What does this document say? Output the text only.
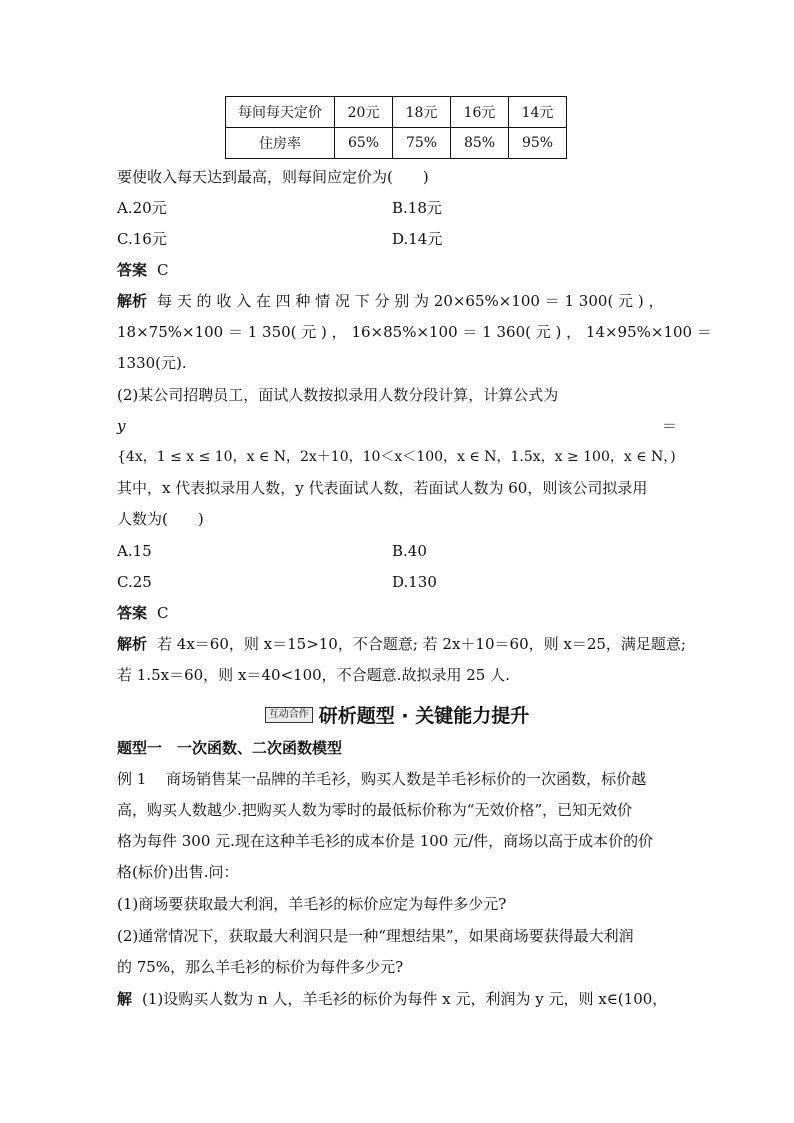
每间每天定价	20元	18元	16元	14元
住房率	65%	75%	85%	95%
要使收入每天达到最高，则每间应定价为(　　)
A.20元	B.18元
C.16元	D.14元
答案 C
解析 每 天 的 收 入 在 四 种 情 况 下 分 别 为 20×65%×100 ＝ 1 300( 元 ) ，
18×75%×100 ＝ 1 350( 元 ) ， 16×85%×100 ＝ 1 360( 元 ) ， 14×95%×100 ＝
1330(元).
(2)某公司招聘员工，面试人数按拟录用人数分段计算，计算公式为
y	＝
{4x，1 ≤ x ≤ 10，x ∈ N，2x＋10，10＜x＜100，x ∈ N，1.5x，x ≥ 100，x ∈ N，)
其中，x 代表拟录用人数，y 代表面试人数，若面试人数为 60，则该公司拟录用
人数为(　　)
A.15	B.40
C.25	D.130
答案 C
解析 若 4x＝60，则 x＝15>10，不合题意; 若 2x＋10＝60，则 x＝25，满足题意;
若 1.5x＝60，则 x＝40<100，不合题意.故拟录用 25 人.
互动合作 研析题型 · 关键能力提升
题型一　一次函数、二次函数模型
例 1　 商场销售某一品牌的羊毛衫，购买人数是羊毛衫标价的一次函数，标价越
高，购买人数越少.把购买人数为零时的最低标价称为“无效价格”，已知无效价
格为每件 300 元.现在这种羊毛衫的成本价是 100 元/件，商场以高于成本价的价
格(标价)出售.问：
(1)商场要获取最大利润，羊毛衫的标价应定为每件多少元?
(2)通常情况下，获取最大利润只是一种“理想结果”，如果商场要获得最大利润
的 75%，那么羊毛衫的标价为每件多少元?
解 (1)设购买人数为 n 人，羊毛衫的标价为每件 x 元，利润为 y 元，则 x∈(100，
